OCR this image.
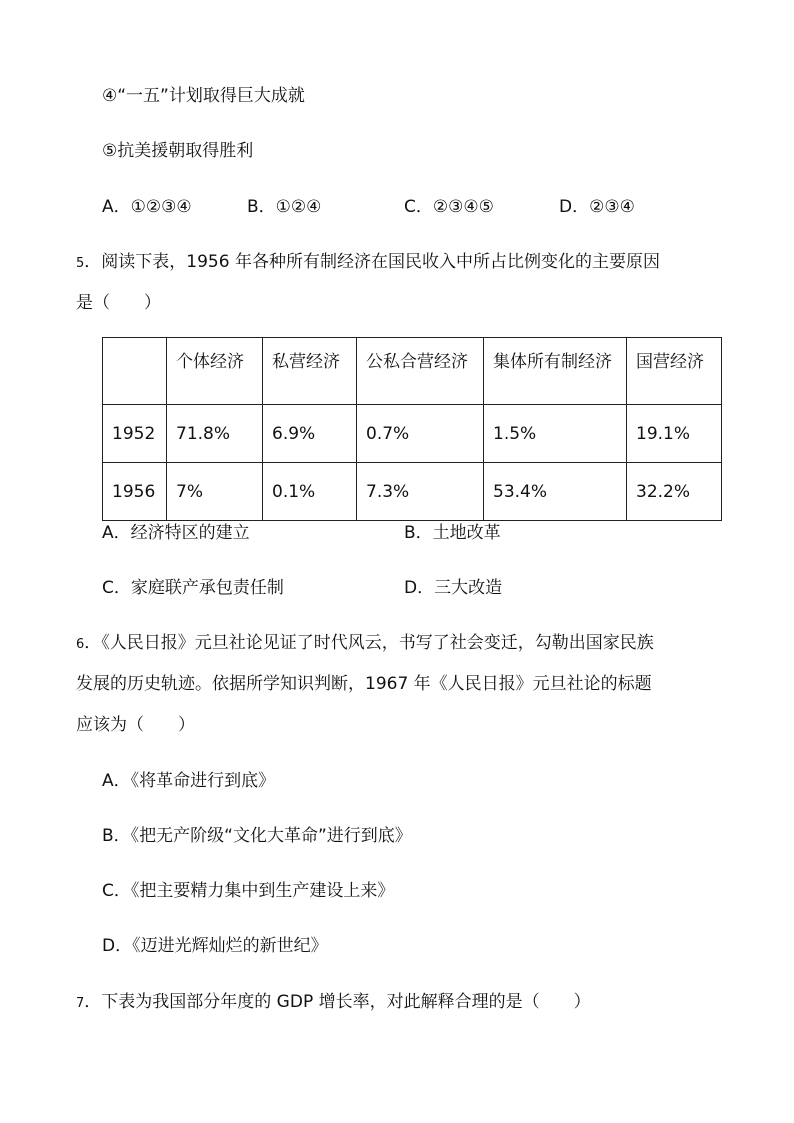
④“一五”计划取得巨大成就
⑤抗美援朝取得胜利
A．①②③④	B．①②④	C．②③④⑤	D．②③④
5．阅读下表，1956 年各种所有制经济在国民收入中所占比例变化的主要原因
是（　　）
	个体经济	私营经济	公私合营经济	集体所有制经济	国营经济
1952	71.8%	6.9%	0.7%	1.5%	19.1%
1956	7%	0.1%	7.3%	53.4%	32.2%
A．经济特区的建立	B．土地改革
C．家庭联产承包责任制	D．三大改造
6．《人民日报》元旦社论见证了时代风云，书写了社会变迁，勾勒出国家民族
发展的历史轨迹。依据所学知识判断，1967 年《人民日报》元旦社论的标题
应该为（　　）
A．《将革命进行到底》
B．《把无产阶级“文化大革命”进行到底》
C．《把主要精力集中到生产建设上来》
D．《迈进光辉灿烂的新世纪》
7．下表为我国部分年度的 GDP 增长率，对此解释合理的是（　　）
